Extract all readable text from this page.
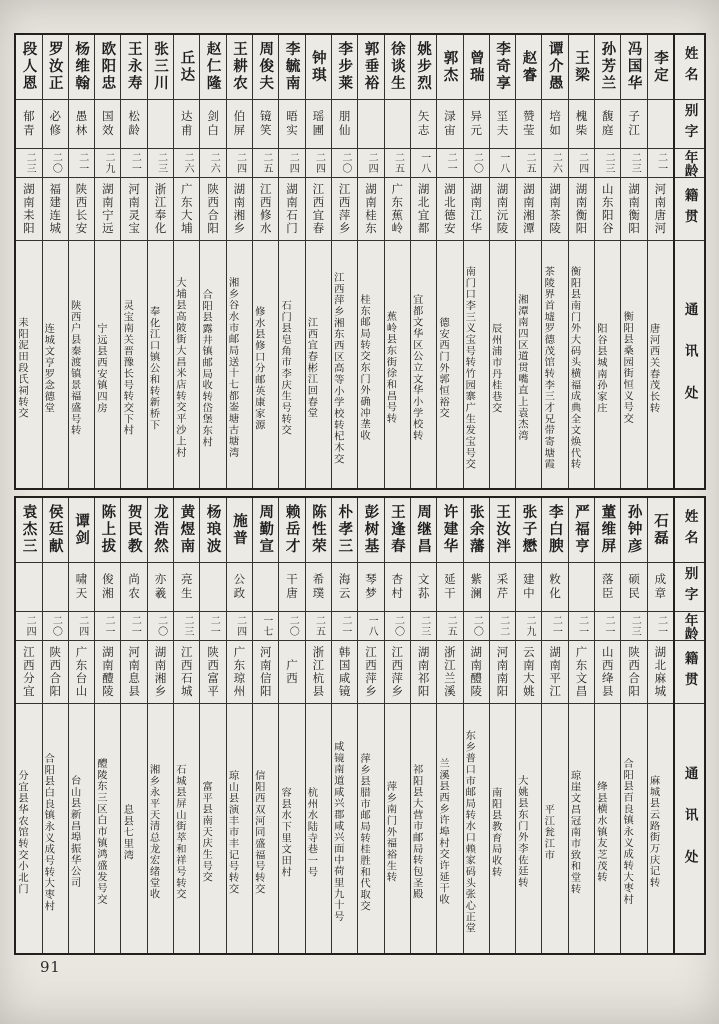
姓名
别字
年龄
籍贯
通讯处
李定
二一
河南唐河
唐河西关春茂长转
冯国华
子江
二三
湖南衡阳
衡阳县桑园街恒义号交
孙芳兰
馥庭
二三
山东阳谷
阳谷县城南孙家庄
王梁
槐柴
二四
湖南衡阳
衡阳县南门外大码头横福成典全文焕代转
谭介愚
培如
二六
湖南茶陵
茶陵界首墟罗德茂馆转李三才兄带寄塘霞
赵睿
赞莹
二五
湖南湘潭
湘潭南四区道贯嘴直上袁杰湾
李奇享
坙夫
一八
湖南沅陵
辰州浦市丹桂巷交
曾瑞
异元
二〇
湖南江华
南门口李三义宝号转竹园寨广生发宝号交
郭杰
渌宙
二一
湖北德安
德安西门外郭恒裕交
姚步烈
矢志
一八
湖北宜都
宜都文华区公立文华小学校转
徐谈生
二五
广东蕉岭
蕉岭县东街徐和昌号转
郭垂裕
二四
湖南桂东
桂东邮局转交东门外确冲垄收
李步莱
朋仙
二〇
江西萍乡
江西萍乡湘东西区高等小学校转杞木交
钟琪
瑶圃
二四
江西宜春
江西宜春彬江回春堂
李毓南
晤实
二四
湖南石门
石门县皂角市李庆生号转交
周俊夫
镜笑
二五
江西修水
修水县修口分邮英康家源
王耕农
伯屏
二四
湖南湘乡
湘乡谷水市邮局送十七都崟塘古塘湾
赵仁隆
剑白
二六
陕西合阳
合阳县露井镇邮局收转岱堡东村
丘达
达甫
二六
广东大埔
大埔县高陂街大昌米店转交平沙上村
张三川
二三
浙江奉化
奉化江口镇公和转新桥下
王永寿
松龄
二一
河南灵宝
灵宝南关晋豫长号转交下村
欧阳忠
国效
二九
湖南宁远
宁远县西安镇四房
杨维翰
愚林
二一
陕西长安
陕西户县秦渡镇景福盛号转
罗汝正
必修
二〇
福建连城
连城文亨罗念德堂
段人恩
郁青
二三
湖南耒阳
耒阳泥田段氏祠转交
姓名
别字
年龄
籍贯
通讯处
石磊
成章
二一
湖北麻城
麻城县云路街万庆记转
孙钟彦
硕民
二三
陕西合阳
合阳县百良镇永义成转大枣村
董维屏
落臣
二一
山西绛县
绛县横水镇友芝茂转
严福亨
二一
广东文昌
琼崖文昌冠南市致和堂转
李白腴
敉化
二一
湖南平江
平江瓮江市
张子懋
建中
二九
云南大姚
大姚县东门外李佐廷转
王汝泮
采芹
二二
河南南阳
南阳县教育局收转
张余藩
紫澜
二〇
湖南醴陵
东乡普口市邮局转水口赖家码头张心正堂
许建华
延干
二五
浙江兰溪
兰溪县西乡许埠村交许延干收
周继昌
文荪
二三
湖南祁阳
祁阳县大营市邮局转包圣殿
王逢春
杏村
二〇
江西萍乡
萍乡南门外福裕生转
彭树基
琴梦
一八
江西萍乡
萍乡县腊市邮局转桂胜和代取交
朴孝三
海云
二一
韩国咸镜
咸镜南道咸兴郡咸兴面中荷里九十号
陈性荣
希璞
二五
浙江杭县
杭州水陆寺巷一号
赖岳才
干唐
二〇
广西
容县水下里文田村
周勤宣
一七
河南信阳
信阳西双河同盛福号转交
施普
公政
二四
广东琼州
琼山县演丰市丰记号转交
杨琅波
二一
陕西富平
富平县南天庆生号交
黄煜南
亮生
二三
江西石城
石城县屏山街萃和祥号转交
龙浩然
亦羲
二〇
湖南湘乡
湘乡永平天清总龙宏绪堂收
贺民教
尚农
二一
河南息县
息县七里湾
陈上拔
俊湘
二一
湖南醴陵
醴陵东三区白市镇鸿盛发号交
谭剑
啸天
二四
广东台山
台山县新昌埠振华公司
侯廷献
二〇
陕西合阳
合阳县白良镇永义成号转大枣村
袁杰三
二四
江西分宜
分宜县华农馆转交小北门
91
